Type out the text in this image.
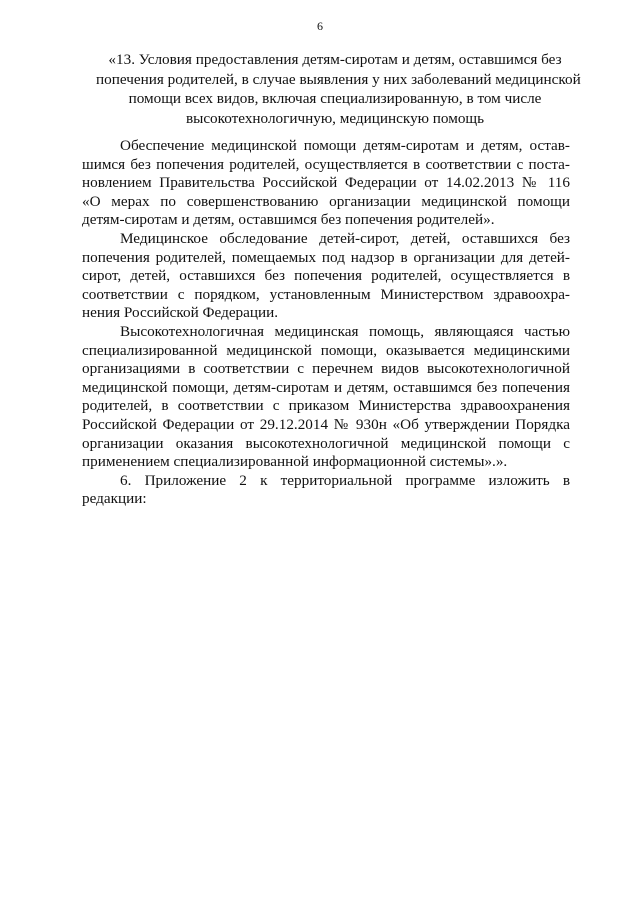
6
«13. Условия предоставления детям-сиротам и детям, оставшимся без
попечения родителей, в случае выявления у них заболеваний медицинской
помощи всех видов, включая специализированную, в том числе
высокотехнологичную, медицинскую помощь

Обеспечение медицинской помощи детям-сиротам и детям, остав-
шимся без попечения родителей, осуществляется в соответствии с поста-
новлением Правительства Российской Федерации от 14.02.2013 № 116
«О мерах по совершенствованию организации медицинской помощи
детям-сиротам и детям, оставшимся без попечения родителей».

Медицинское обследование детей-сирот, детей, оставшихся без
попечения родителей, помещаемых под надзор в организации для детей-
сирот, детей, оставшихся без попечения родителей, осуществляется в
соответствии с порядком, установленным Министерством здравоохра-
нения Российской Федерации.

Высокотехнологичная медицинская помощь, являющаяся частью
специализированной медицинской помощи, оказывается медицинскими
организациями в соответствии с перечнем видов высокотехнологичной
медицинской помощи, детям-сиротам и детям, оставшимся без попечения
родителей, в соответствии с приказом Министерства здравоохранения
Российской Федерации от 29.12.2014 № 930н «Об утверждении Порядка
организации оказания высокотехнологичной медицинской помощи с
применением специализированной информационной системы».».

6. Приложение 2 к территориальной программе изложить в
редакции:
